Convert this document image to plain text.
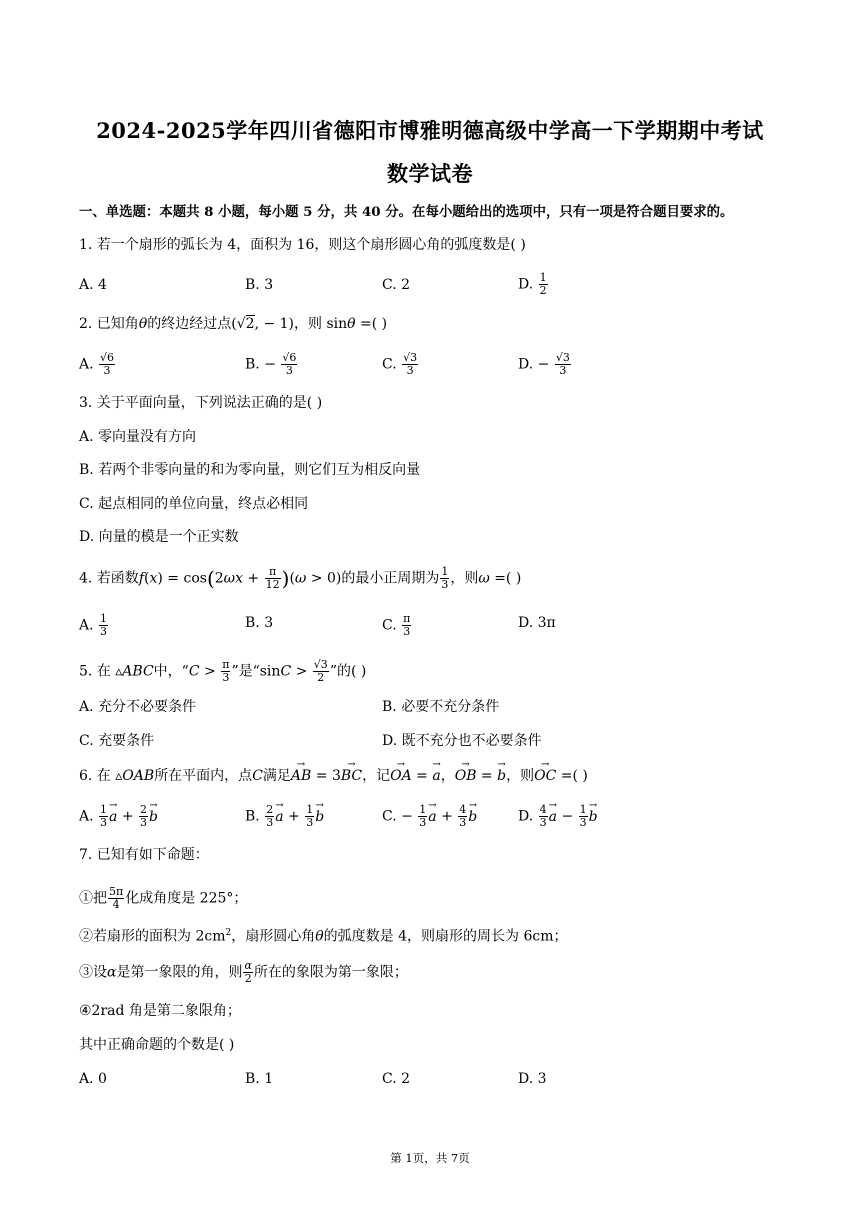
2024-2025学年四川省德阳市博雅明德高级中学高一下学期期中考试
数学试卷
一、单选题：本题共 8 小题，每小题 5 分，共 40 分。在每小题给出的选项中，只有一项是符合题目要求的。
1. 若一个扇形的弧长为 4，面积为 16，则这个扇形圆心角的弧度数是( )
A. 4	B. 3	C. 2	D. $\frac{1}{2}$
2. 已知角θ的终边经过点(√2, − 1)，则 sinθ =( )
A. $\frac{√6}{3}$	B. − $\frac{√6}{3}$	C. $\frac{√3}{3}$	D. − $\frac{√3}{3}$
3. 关于平面向量，下列说法正确的是( )
A. 零向量没有方向
B. 若两个非零向量的和为零向量，则它们互为相反向量
C. 起点相同的单位向量，终点必相同
D. 向量的模是一个正实数
4. 若函数$f(x) = \cos(2\omega x + \frac{\pi}{12} )(\omega > 0)$的最小正周期为 $\frac{1}{3}$ ，则ω =( )
A. $\frac{1}{3}$	B. 3	C. $\frac{\pi}{3}$	D. 3π
5. 在 ▵ABC中，“$C > \frac{\pi}{3}$ ”是“$\sin C > \frac{√3}{2}$ ”的( )
A. 充分不必要条件	B. 必要不充分条件
C. 充要条件	D. 既不充分也不必要条件
6. 在 ▵OAB所在平面内，点C满足→ AB = 3→ BC，记→ OA = → a，→ OB = → b，则→ OC =( )
A. $\frac{1}{3}$
→ $a + \frac{2}{3}$
→ b	B. $\frac{2}{3}$
→ $a + \frac{1}{3}$
→ b	C. − $\frac{1}{3}$
→ $a + \frac{4}{3}$
→ b	D. $\frac{4}{3}$
→ $a - \frac{1}{3}$
→ b
7. 已知有如下命题：
①把 $\frac{5\pi}{4}$ 化成角度是 225°；
②若扇形的面积为 $2cm^2$，扇形圆心角θ的弧度数是 4，则扇形的周长为 6cm；
③设α是第一象限的角，则 $\frac{\alpha}{2}$ 所在的象限为第一象限；
④2rad 角是第二象限角；
其中正确命题的个数是( )
A. 0	B. 1	C. 2	D. 3
第 1页，共 7页
